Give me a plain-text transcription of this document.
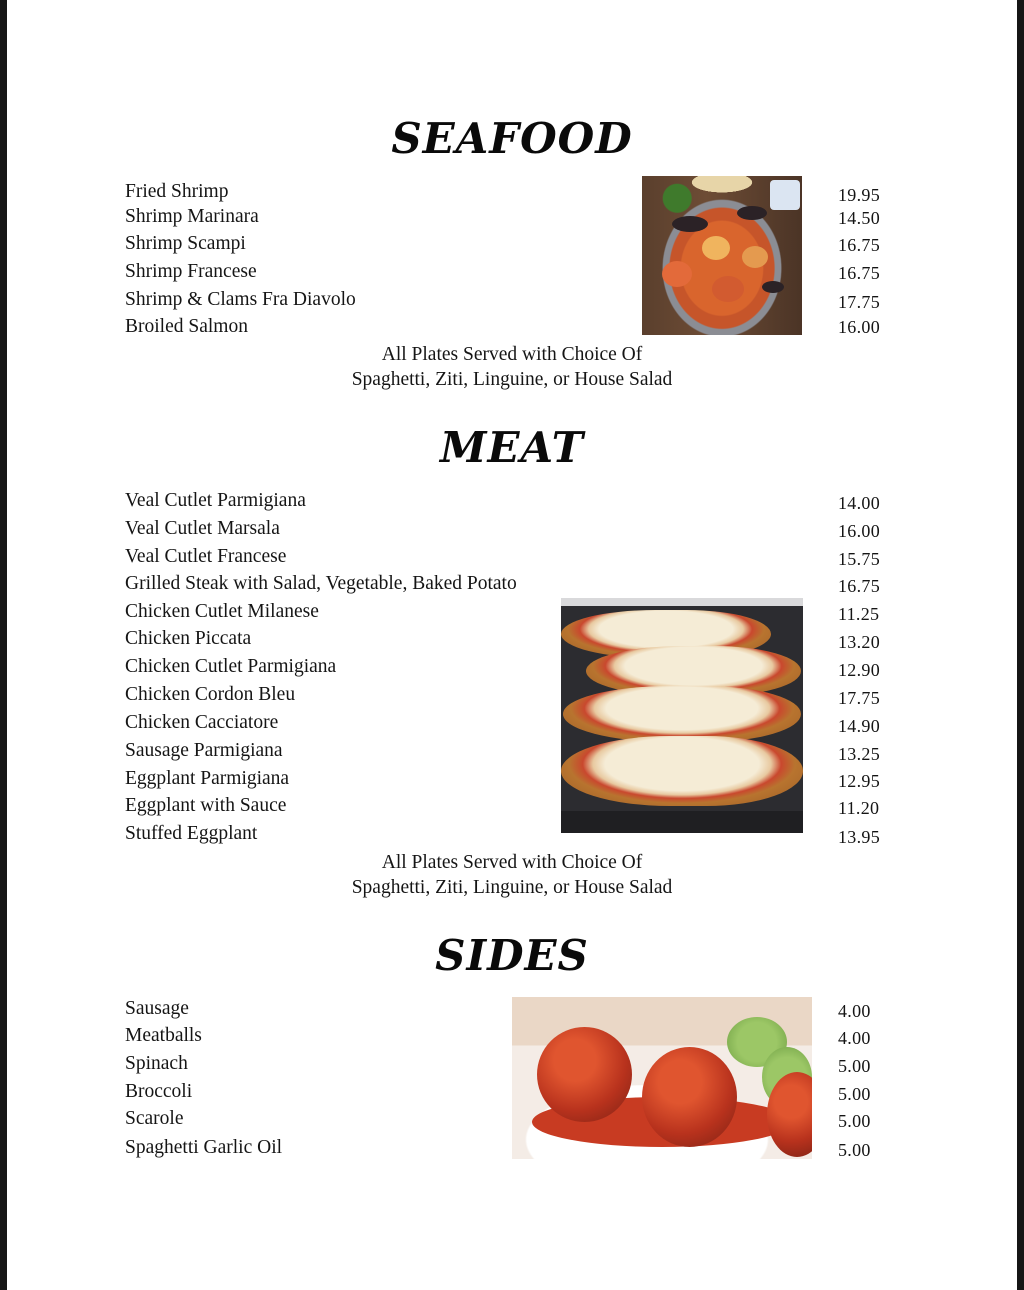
SEAFOOD
Fried Shrimp
Shrimp Marinara
Shrimp Scampi
Shrimp Francese
Shrimp & Clams Fra Diavolo
Broiled Salmon
19.95
14.50
16.75
16.75
17.75
16.00
All Plates Served with Choice Of
Spaghetti, Ziti, Linguine, or House Salad
MEAT
Veal Cutlet Parmigiana
Veal Cutlet Marsala
Veal Cutlet Francese
Grilled Steak with Salad, Vegetable, Baked Potato
Chicken Cutlet Milanese
Chicken Piccata
Chicken Cutlet Parmigiana
Chicken Cordon Bleu
Chicken Cacciatore
Sausage Parmigiana
Eggplant Parmigiana
Eggplant with Sauce
Stuffed Eggplant
14.00
16.00
15.75
16.75
11.25
13.20
12.90
17.75
14.90
13.25
12.95
11.20
13.95
All Plates Served with Choice Of
Spaghetti, Ziti, Linguine, or House Salad
SIDES
Sausage
Meatballs
Spinach
Broccoli
Scarole
Spaghetti Garlic Oil
4.00
4.00
5.00
5.00
5.00
5.00
